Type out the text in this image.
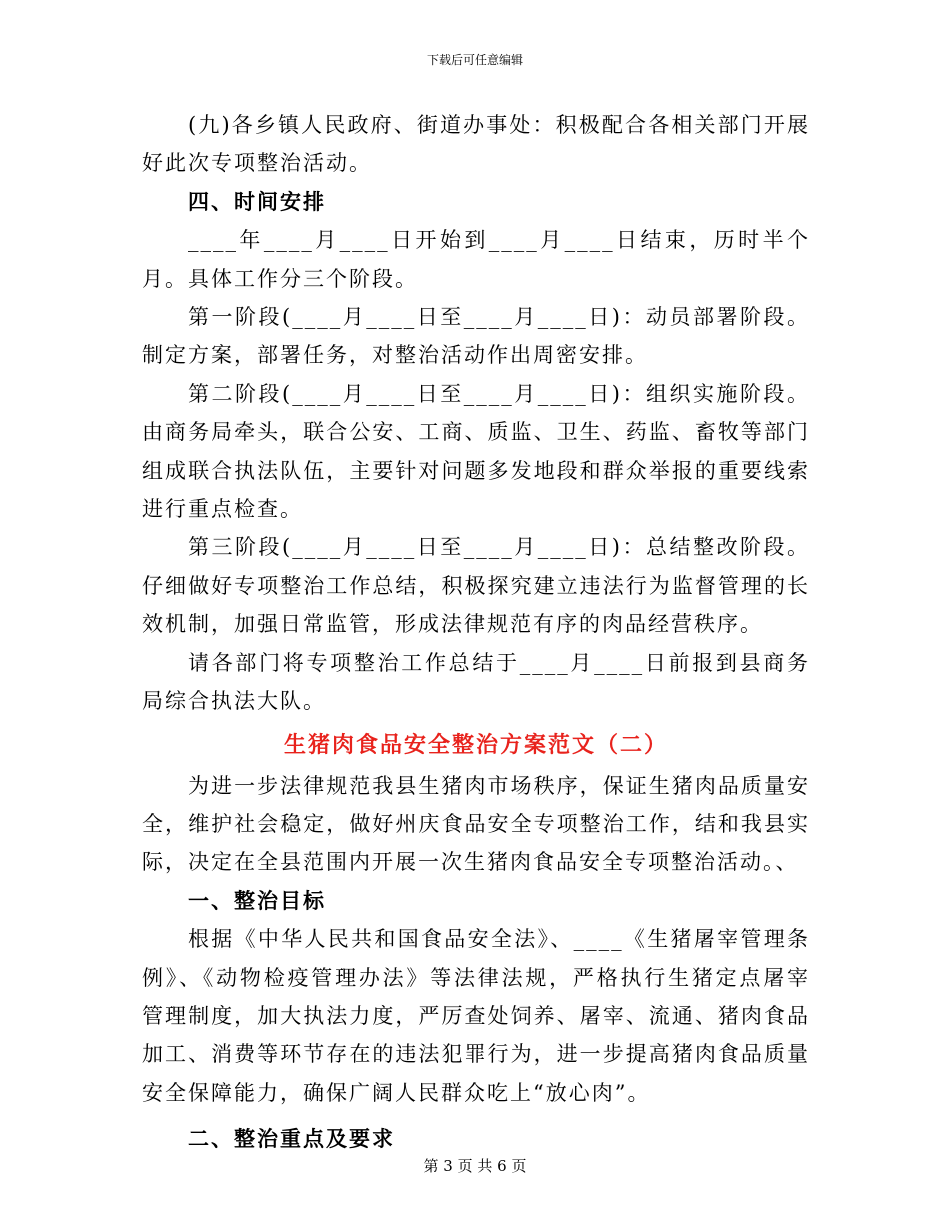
下载后可任意编辑

(九)各乡镇人民政府、街道办事处：积极配合各相关部门开展好此次专项整治活动。

四、时间安排

____年____月____日开始到____月____日结束，历时半个月。具体工作分三个阶段。

第一阶段(____月____日至____月____日)：动员部署阶段。制定方案，部署任务，对整治活动作出周密安排。

第二阶段(____月____日至____月____日)：组织实施阶段。由商务局牵头，联合公安、工商、质监、卫生、药监、畜牧等部门组成联合执法队伍，主要针对问题多发地段和群众举报的重要线索进行重点检查。

第三阶段(____月____日至____月____日)：总结整改阶段。仔细做好专项整治工作总结，积极探究建立违法行为监督管理的长效机制，加强日常监管，形成法律规范有序的肉品经营秩序。

请各部门将专项整治工作总结于____月____日前报到县商务局综合执法大队。

生猪肉食品安全整治方案范文（二）

为进一步法律规范我县生猪肉市场秩序，保证生猪肉品质量安全，维护社会稳定，做好州庆食品安全专项整治工作，结和我县实际，决定在全县范围内开展一次生猪肉食品安全专项整治活动。、

一、整治目标

根据《中华人民共和国食品安全法》、____《生猪屠宰管理条例》、《动物检疫管理办法》等法律法规，严格执行生猪定点屠宰管理制度，加大执法力度，严厉查处饲养、屠宰、流通、猪肉食品加工、消费等环节存在的违法犯罪行为，进一步提高猪肉食品质量安全保障能力，确保广阔人民群众吃上“放心肉”。

二、整治重点及要求
第 3 页 共 6 页
